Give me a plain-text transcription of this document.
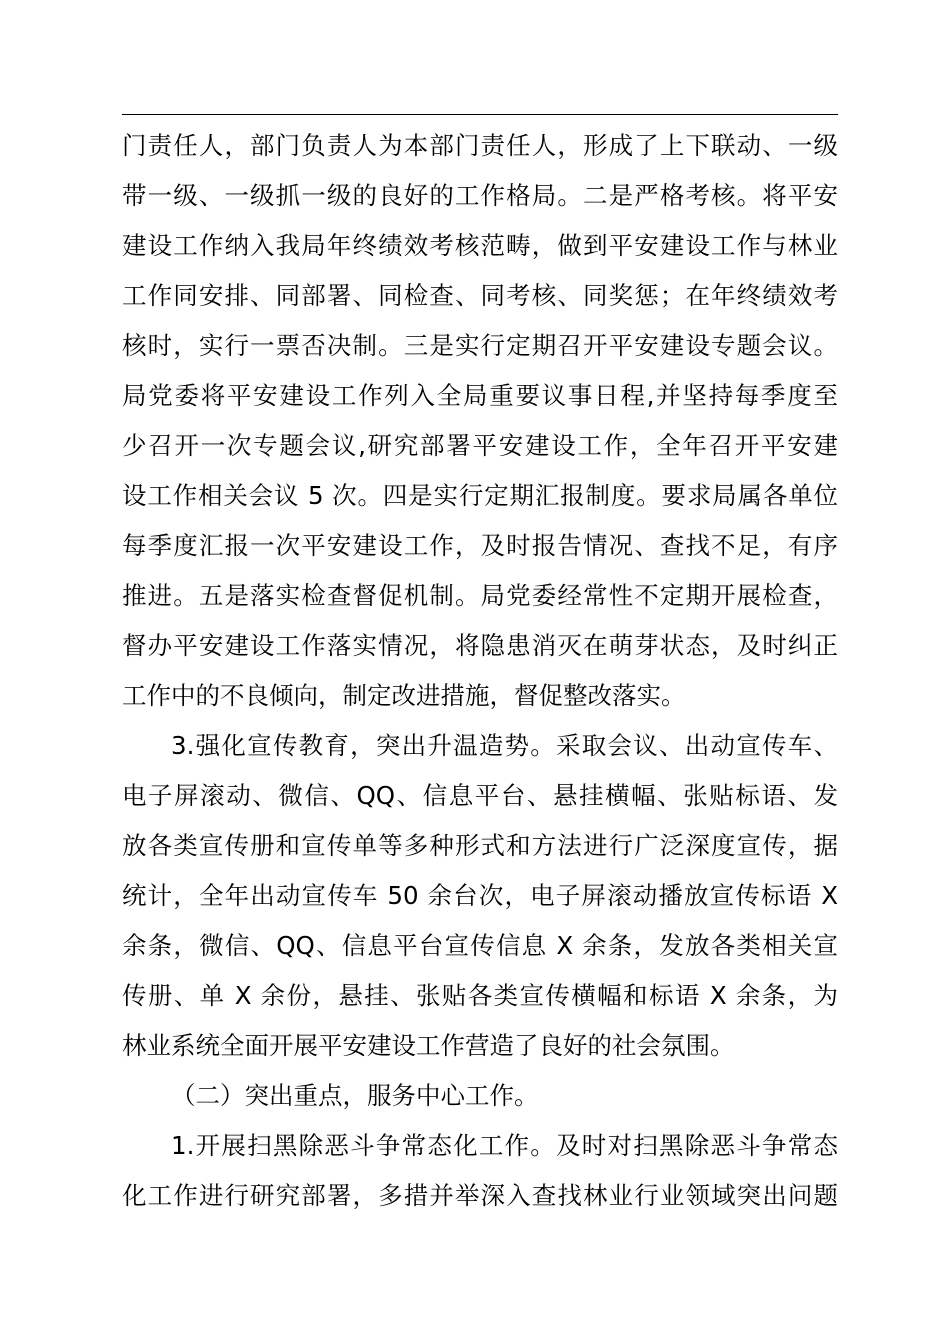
门责任人，部门负责人为本部门责任人，形成了上下联动、一级
带一级、一级抓一级的良好的工作格局。二是严格考核。将平安
建设工作纳入我局年终绩效考核范畴，做到平安建设工作与林业
工作同安排、同部署、同检查、同考核、同奖惩；在年终绩效考
核时，实行一票否决制。三是实行定期召开平安建设专题会议。
局党委将平安建设工作列入全局重要议事日程,并坚持每季度至
少召开一次专题会议,研究部署平安建设工作，全年召开平安建
设工作相关会议 5 次。四是实行定期汇报制度。要求局属各单位
每季度汇报一次平安建设工作，及时报告情况、查找不足，有序
推进。五是落实检查督促机制。局党委经常性不定期开展检查，
督办平安建设工作落实情况，将隐患消灭在萌芽状态，及时纠正
工作中的不良倾向，制定改进措施，督促整改落实。
3.强化宣传教育，突出升温造势。采取会议、出动宣传车、
电子屏滚动、微信、QQ、信息平台、悬挂横幅、张贴标语、发
放各类宣传册和宣传单等多种形式和方法进行广泛深度宣传，据
统计，全年出动宣传车 50 余台次，电子屏滚动播放宣传标语 X
余条，微信、QQ、信息平台宣传信息 X 余条，发放各类相关宣
传册、单 X 余份，悬挂、张贴各类宣传横幅和标语 X 余条，为
林业系统全面开展平安建设工作营造了良好的社会氛围。
（二）突出重点，服务中心工作。
1.开展扫黑除恶斗争常态化工作。及时对扫黑除恶斗争常态
化工作进行研究部署，多措并举深入查找林业行业领域突出问题
